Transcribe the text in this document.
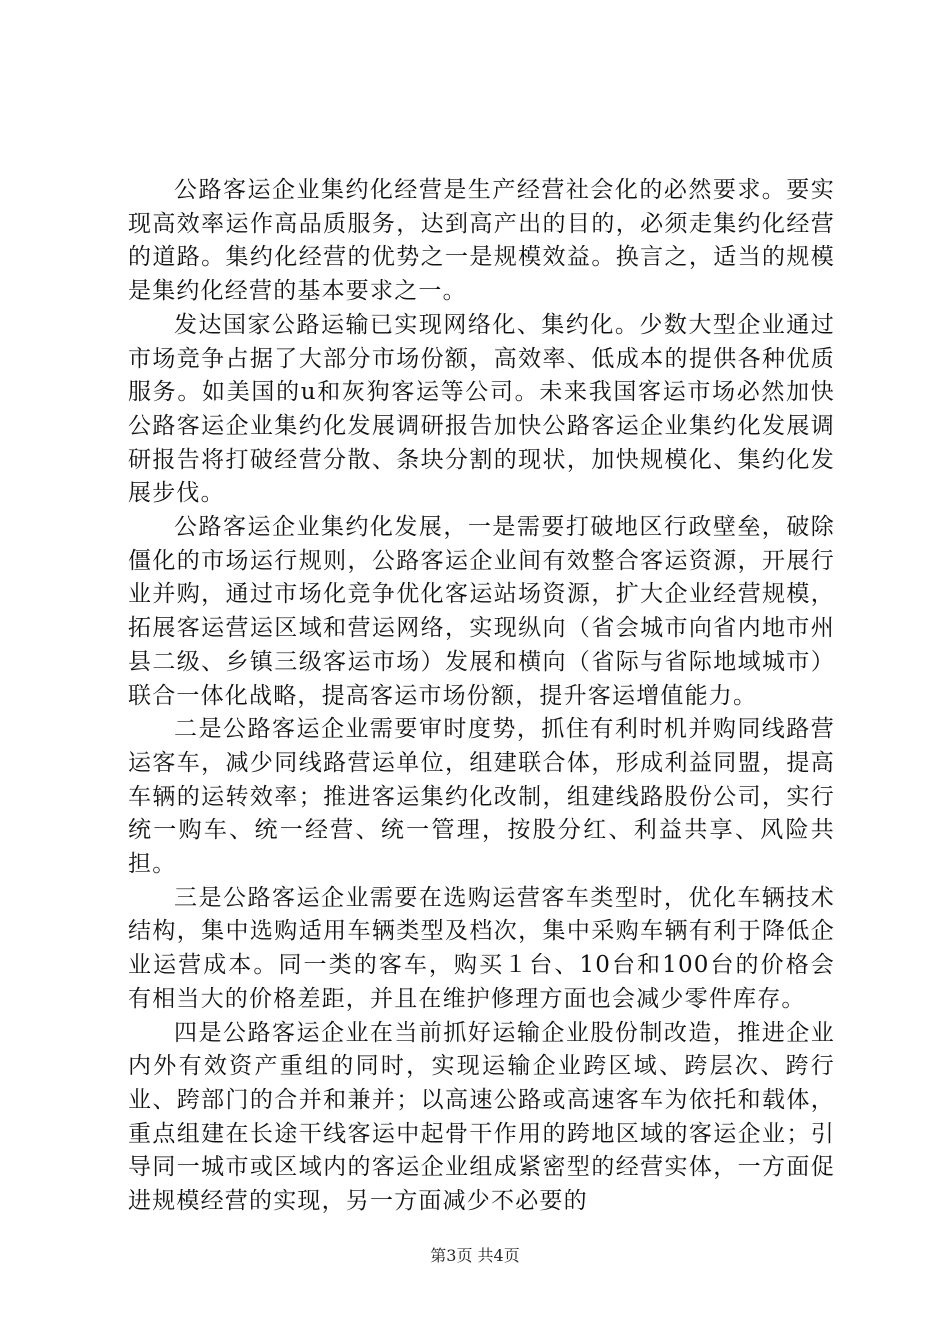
公路客运企业集约化经营是生产经营社会化的必然要求。要实现高效率运作高品质服务，达到高产出的目的，必须走集约化经营的道路。集约化经营的优势之一是规模效益。换言之，适当的规模是集约化经营的基本要求之一。

发达国家公路运输已实现网络化、集约化。少数大型企业通过市场竞争占据了大部分市场份额，高效率、低成本的提供各种优质服务。如美国的u和灰狗客运等公司。未来我国客运市场必然加快公路客运企业集约化发展调研报告加快公路客运企业集约化发展调研报告将打破经营分散、条块分割的现状，加快规模化、集约化发展步伐。

公路客运企业集约化发展，一是需要打破地区行政壁垒，破除僵化的市场运行规则，公路客运企业间有效整合客运资源，开展行业并购，通过市场化竞争优化客运站场资源，扩大企业经营规模，拓展客运营运区域和营运网络，实现纵向（省会城市向省内地市州县二级、乡镇三级客运市场）发展和横向（省际与省际地域城市）联合一体化战略，提高客运市场份额，提升客运增值能力。

二是公路客运企业需要审时度势，抓住有利时机并购同线路营运客车，减少同线路营运单位，组建联合体，形成利益同盟，提高车辆的运转效率；推进客运集约化改制，组建线路股份公司，实行统一购车、统一经营、统一管理，按股分红、利益共享、风险共担。

三是公路客运企业需要在选购运营客车类型时，优化车辆技术结构，集中选购适用车辆类型及档次，集中采购车辆有利于降低企业运营成本。同一类的客车，购买１台、10台和100台的价格会有相当大的价格差距，并且在维护修理方面也会减少零件库存。

四是公路客运企业在当前抓好运输企业股份制改造，推进企业内外有效资产重组的同时，实现运输企业跨区域、跨层次、跨行业、跨部门的合并和兼并；以高速公路或高速客车为依托和载体，重点组建在长途干线客运中起骨干作用的跨地区域的客运企业；引导同一城市或区域内的客运企业组成紧密型的经营实体，一方面促进规模经营的实现，另一方面减少不必要的

第3页 共4页
